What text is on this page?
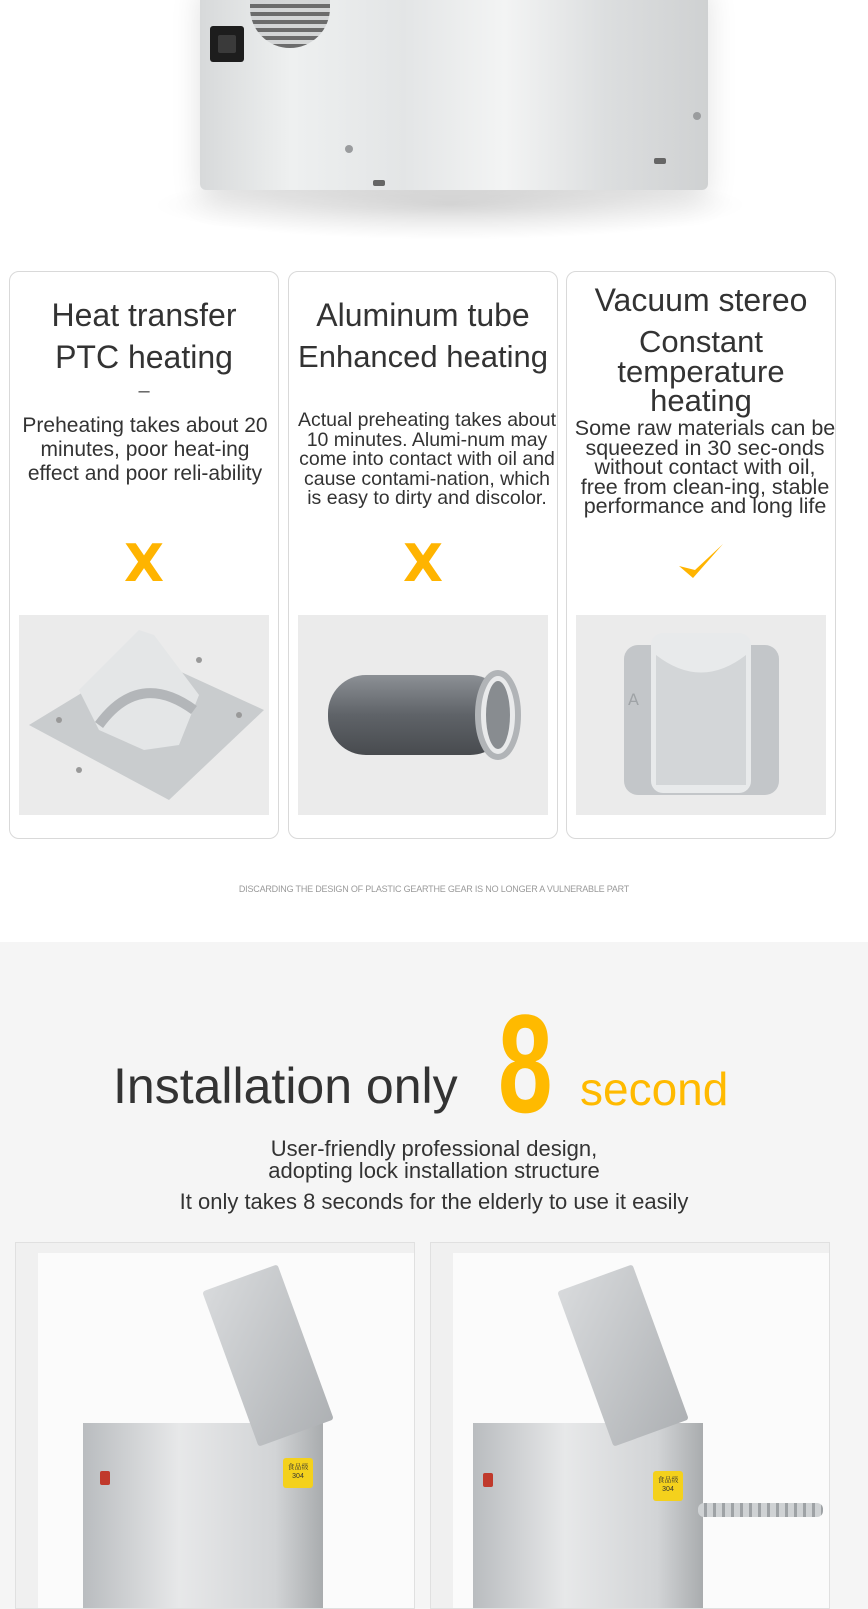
Heat transfer
PTC heating
–

Preheating takes about 20 minutes, poor heat-ing effect and poor reli-ability

X
Aluminum tube
Enhanced heating

Actual preheating takes about 10 minutes. Alumi-num may come into contact with oil and cause contami-nation, which is easy to dirty and discolor.

X
Vacuum stereo
Constant temperature heating

Some raw materials can be squeezed in 30 sec-onds without contact with oil, free from clean-ing, stable performance and long life

A
DISCARDING THE DESIGN OF PLASTIC GEARTHE GEAR IS NO LONGER A VULNERABLE PART
Installation only 8 second
User-friendly professional design,
adopting lock installation structure
It only takes 8 seconds for the elderly to use it easily
食品级 304
食品级 304
